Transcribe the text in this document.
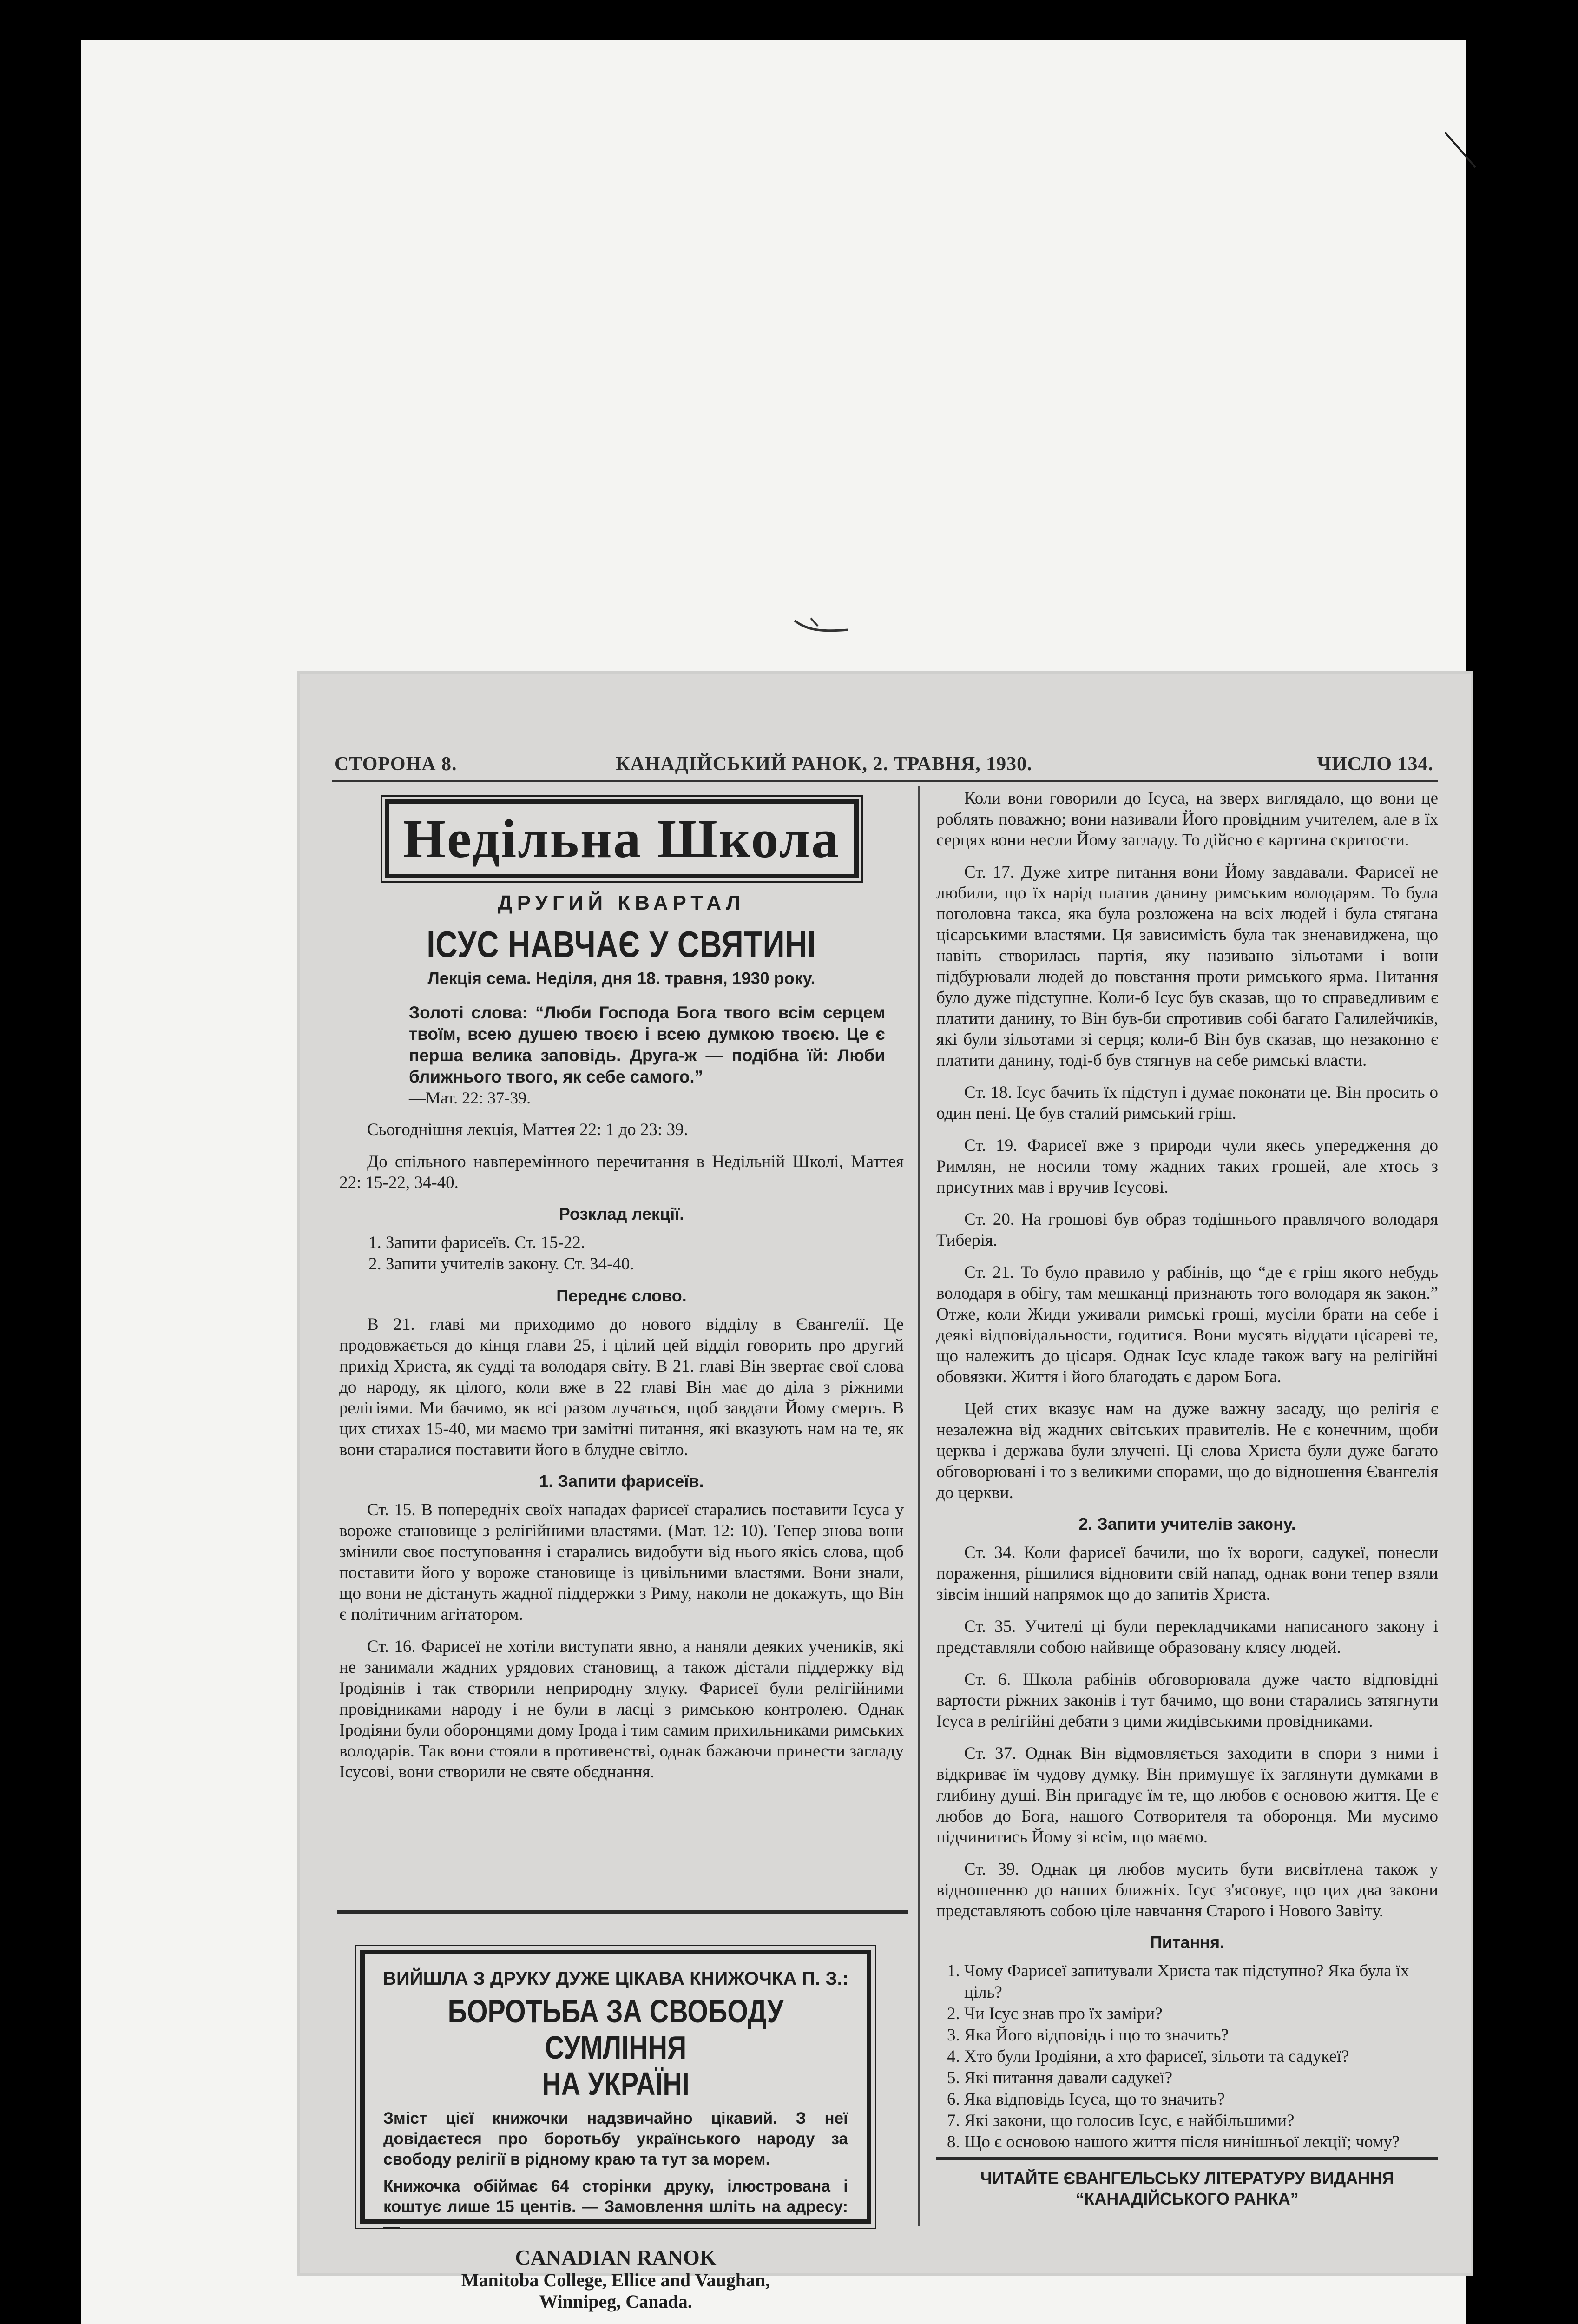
СТОРОНА 8.	КАНАДІЙСЬКИЙ РАНОК, 2. ТРАВНЯ, 1930.	ЧИСЛО 134.
Недільна Школа
ДРУГИЙ КВАРТАЛ
ІСУС НАВЧАЄ У СВЯТИНІ
Лекція сема. Неділя, дня 18. травня, 1930 року.
Золоті слова: “Люби Господа Бога твого всім серцем твоїм, всею душею твоєю і всею думкою твоєю. Це є перша велика заповідь. Друга-ж — подібна їй: Люби ближнього твого, як себе самого.”
—Мат. 22: 37-39.

Сьогоднішня лекція, Маттея 22: 1 до 23: 39.

До спільного навперемінного перечитання в Недільній Школі, Маттея 22: 15-22, 34-40.

Розклад лекції.
1. Запити фарисеїв. Ст. 15-22.
2. Запити учителів закону. Ст. 34-40.
Переднє слово.

В 21. главі ми приходимо до нового відділу в Євангелії. Це продовжається до кінця глави 25, і цілий цей відділ говорить про другий прихід Христа, як судді та володаря світу. В 21. главі Він звертає свої слова до народу, як цілого, коли вже в 22 главі Він має до діла з ріжними релігіями. Ми бачимо, як всі разом лучаться, щоб завдати Йому смерть. В цих стихах 15-40, ми маємо три замітні питання, які вказують нам на те, як вони старалися поставити його в блудне світло.

1. Запити фарисеїв.

Ст. 15. В попередніх своїх нападах фарисеї старались поставити Ісуса у вороже становище з релігійними властями. (Мат. 12: 10). Тепер знова вони змінили своє поступовання і старались видобути від нього якісь слова, щоб поставити його у вороже становище із цивільними властями. Вони знали, що вони не дістануть жадної піддержки з Риму, наколи не докажуть, що Він є політичним агітатором.

Ст. 16. Фарисеї не хотіли виступати явно, а наняли деяких учеників, які не занимали жадних урядових становищ, а також дістали піддержку від Іродіянів і так створили неприродну злуку. Фарисеї були релігійними провідниками народу і не були в ласці з римською контролею. Однак Іродіяни були оборонцями дому Ірода і тим самим прихильниками римських володарів. Так вони стояли в противенстві, однак бажаючи принести загладу Ісусові, вони створили не святе обєднання.

ВИЙШЛА З ДРУКУ ДУЖЕ ЦІКАВА КНИЖОЧКА П. З.:
БОРОТЬБА ЗА СВОБОДУ СУМЛІННЯ
НА УКРАЇНІ
Зміст цієї книжочки надзвичайно цікавий. З неї довідаєтеся про боротьбу українського народу за свободу релігії в рідному краю та тут за морем.
Книжочка обіймає 64 сторінки друку, ілюстрована і коштує лише 15 центів. — Замовлення шліть на адресу: —
CANADIAN RANOK
Manitoba College, Ellice and Vaughan,
Winnipeg, Canada.

Коли вони говорили до Ісуса, на зверх виглядало, що вони це роблять поважно; вони називали Його провідним учителем, але в їх серцях вони несли Йому загладу. То дійсно є картина скритости.

Ст. 17. Дуже хитре питання вони Йому завдавали. Фарисеї не любили, що їх нарід платив данину римським володарям. То була поголовна такса, яка була розложена на всіх людей і була стягана цісарськими властями. Ця зависимість була так зненавиджена, що навіть створилась партія, яку називано зільотами і вони підбурювали людей до повстання проти римського ярма. Питання було дуже підступне. Коли-б Ісус був сказав, що то справедливим є платити данину, то Він був-би спротивив собі багато Галилейчиків, які були зільотами зі серця; коли-б Він був сказав, що незаконно є платити данину, тоді-б був стягнув на себе римські власти.

Ст. 18. Ісус бачить їх підступ і думає поконати це. Він просить о один пені. Це був сталий римський гріш.

Ст. 19. Фарисеї вже з природи чули якесь упередження до Римлян, не носили тому жадних таких грошей, але хтось з присутних мав і вручив Ісусові.

Ст. 20. На грошові був образ тодішнього правлячого володаря Тиберія.

Ст. 21. То було правило у рабінів, що “де є гріш якого небудь володаря в обігу, там мешканці признають того володаря як закон.” Отже, коли Жиди уживали римські гроші, мусіли брати на себе і деякі відповідальности, годитися. Вони мусять віддати цісареві те, що належить до цісаря. Однак Ісус кладе також вагу на релігійні обовязки. Життя і його благодать є даром Бога.

Цей стих вказує нам на дуже важну засаду, що релігія є незалежна від жадних світських правителів. Не є конечним, щоби церква і держава були злучені. Ці слова Христа були дуже багато обговорювані і то з великими спорами, що до відношення Євангелія до церкви.

2. Запити учителів закону.

Ст. 34. Коли фарисеї бачили, що їх вороги, садукеї, понесли пораження, рішилися відновити свій напад, однак вони тепер взяли зівсім інший напрямок що до запитів Христа.

Ст. 35. Учителі ці були перекладчиками написаного закону і представляли собою найвище образовану клясу людей.

Ст. 6. Школа рабінів обговорювала дуже часто відповідні вартости ріжних законів і тут бачимо, що вони старались затягнути Ісуса в релігійні дебати з цими жидівськими провідниками.

Ст. 37. Однак Він відмовляється заходити в спори з ними і відкриває їм чудову думку. Він примушує їх заглянути думками в глибину душі. Він пригадує їм те, що любов є основою життя. Це є любов до Бога, нашого Сотворителя та оборонця. Ми мусимо підчинитись Йому зі всім, що маємо.

Ст. 39. Однак ця любов мусить бути висвітлена також у відношенню до наших ближніх. Ісус з'ясовує, що цих два закони представляють собою ціле навчання Старого і Нового Завіту.

Питання.
1. Чому Фарисеї запитували Христа так підступно? Яка була їх ціль?
2. Чи Ісус знав про їх заміри?
3. Яка Його відповідь і що то значить?
4. Хто були Іродіяни, а хто фарисеї, зільоти та садукеї?
5. Які питання давали садукеї?
6. Яка відповідь Ісуса, що то значить?
7. Які закони, що голосив Ісус, є найбільшими?
8. Що є основою нашого життя після нинішньої лекції; чому?
ЧИТАЙТЕ ЄВАНГЕЛЬСЬКУ ЛІТЕРАТУРУ ВИДАННЯ
“КАНАДІЙСЬКОГО РАНКА”
